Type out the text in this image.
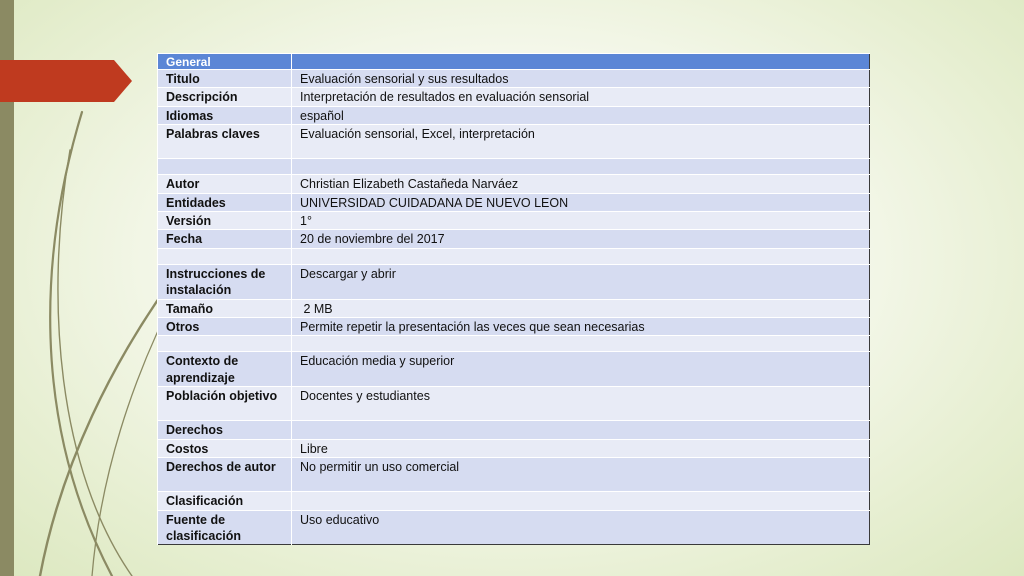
General	
Titulo	Evaluación sensorial y sus resultados
Descripción	Interpretación de resultados en evaluación sensorial
Idiomas	español
Palabras claves	Evaluación sensorial, Excel, interpretación

Autor	Christian Elizabeth Castañeda Narváez
Entidades	UNIVERSIDAD CUIDADANA DE NUEVO LEON
Versión	1°
Fecha	20 de noviembre del 2017

Instrucciones de instalación	Descargar y abrir
Tamaño	2 MB
Otros	Permite repetir la presentación las veces que sean necesarias

Contexto de aprendizaje	Educación media y superior
Población objetivo	Docentes y estudiantes
Derechos	
Costos	Libre
Derechos de autor	No permitir un uso comercial
Clasificación	
Fuente de clasificación	Uso educativo
